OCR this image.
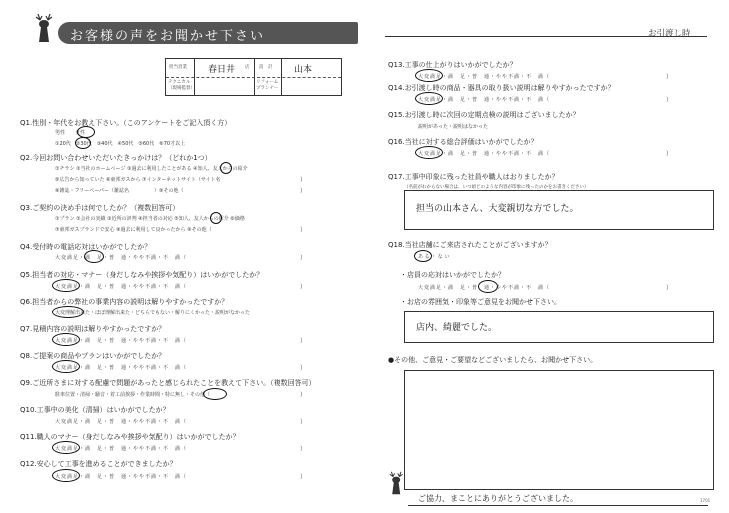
お客様の声をお聞かせ下さい	お引渡し時
担当営業 春日井 店 設　計 山本
テクニカル（現場監督）
リフォームプランナー
Q1.性別・年代をお教え下さい。（このアンケートをご記入頂く方）
男性　　女性
①20代　②30代　③40代　④50代　⑤60代　⑥70才以上
Q2.今回お問い合わせいただいたきっかけは？（どれか1つ）
①チラシ ②当社のホームページ ③過去に利用したことがある ④知人、友人からの紹介
⑤広告から知っていた ⑥東邦ガスから ⑦インターネットサイト（サイト名	）
⑧雑誌・フリーペーパー（雑誌名　　　　　）⑨その他（	）
Q3.ご契約の決め手は何でしたか？（複数回答可）
①プラン ②会社の実績 ③近所の評判 ④担当者の対応 ⑤知人、友人からの紹介 ⑥価格
⑦東邦ガスブランドで安心 ⑧過去に利用して良かったから ⑨その他（	）
Q4.受付時の電話応対はいかがでしたか？
大変満足・満　足・普　通・やや不満・不　満（	）
Q5.担当者の対応・マナー（身だしなみや挨拶や気配り）はいかがでしたか？
大変満足・満　足・普　通・やや不満・不　満（	）
Q6.担当者からの弊社の事業内容の説明は解りやすかったですか？
大変理解出来た・ほぼ理解出来た・どちらでもない・解りにくかった・説明がなかった
Q7.見積内容の説明は解りやすかったですか？
大変満足・満　足・普　通・やや不満・不　満（	）
Q8.ご提案の商品やプランはいかがでしたか？
大変満足・満　足・普　通・やや不満・不　満（	）
Q9.ご近所さまに対する配慮で問題があったと感じられたことを教えて下さい。（複数回答可）
駐車位置・清掃・騒音・着工前挨拶・作業時間・特に無し・その他（	）
Q10.工事中の美化（清掃）はいかがでしたか？
大変満足・満　足・普　通・やや不満・不　満（	）
Q11.職人のマナー（身だしなみや挨拶や気配り）はいかがでしたか？
大変満足・満　足・普　通・やや不満・不　満（	）
Q12.安心して工事を進めることができましたか？
大変満足・満　足・普　通・やや不満・不　満（	）
Q13.工事の仕上がりはいかがでしたか？
大変満足・満　足・普　通・やや不満・不　満（	）
Q14.お引渡し時の商品・器具の取り扱い説明は解りやすかったですか？
大変満足・満　足・普　通・やや不満・不　満（	）
Q15.お引渡し時に次回の定期点検の説明はございましたか？
説明があった・説明はなかった
Q16.当社に対する総合評価はいかがでしたか？
大変満足・満　足・普　通・やや不満・不　満（	）
Q17.工事中印象に残った社員や職人はおりましたか？
（名前がわからない場合は、いつ頃どのような内容が印象に残ったのかをお書きください）
担当の山本さん、大変親切な方でした。
Q18.当社店舗にご来店されたことがございますか？
あ る ・ な い
・店員の応対はいかがでしたか？
大変満足・満　足・普　通・やや不満・不　満（	）
・お店の雰囲気・印象等ご意見をお聞かせ下さい。
店内、綺麗でした。
●その他、ご意見・ご要望などございましたら、お聞かせ下さい。
ご協力、まことにありがとうございました。	1701
